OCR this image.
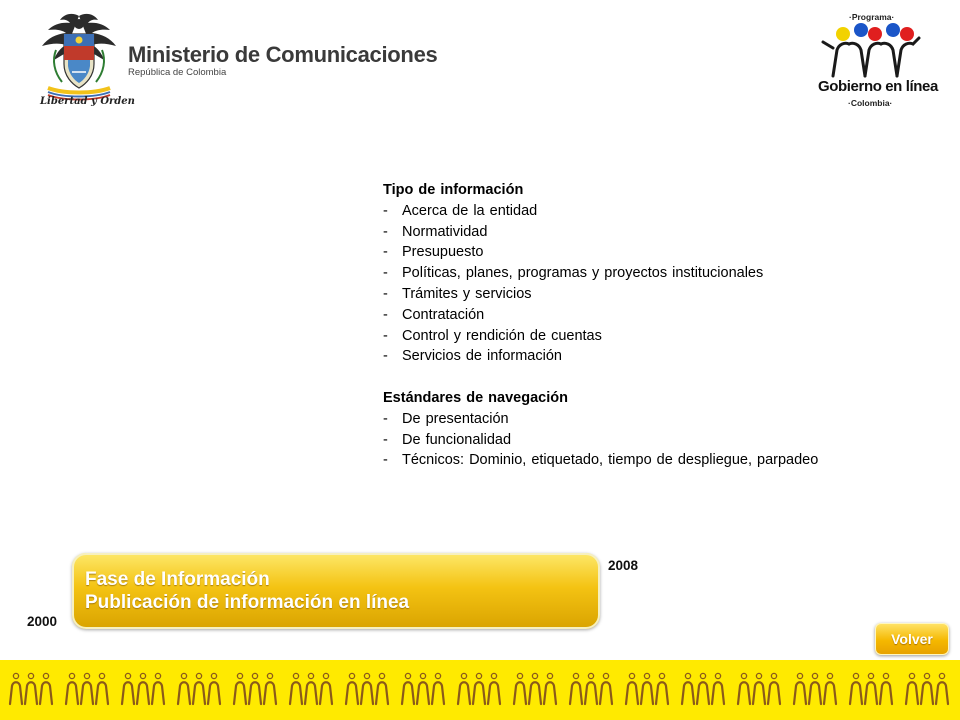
Ministerio de Comunicaciones
República de Colombia
Libertad y Orden
·Programa·
Gobierno en línea
·Colombia·
Tipo de información
- Acerca de la entidad
- Normatividad
- Presupuesto
- Políticas, planes, programas y proyectos institucionales
- Trámites y servicios
- Contratación
- Control y rendición de cuentas
- Servicios de información
Estándares de navegación
- De presentación
- De funcionalidad
- Técnicos: Dominio, etiquetado, tiempo de despliegue, parpadeo
Fase de Información
Publicación de información en línea
2000
2008
Volver
